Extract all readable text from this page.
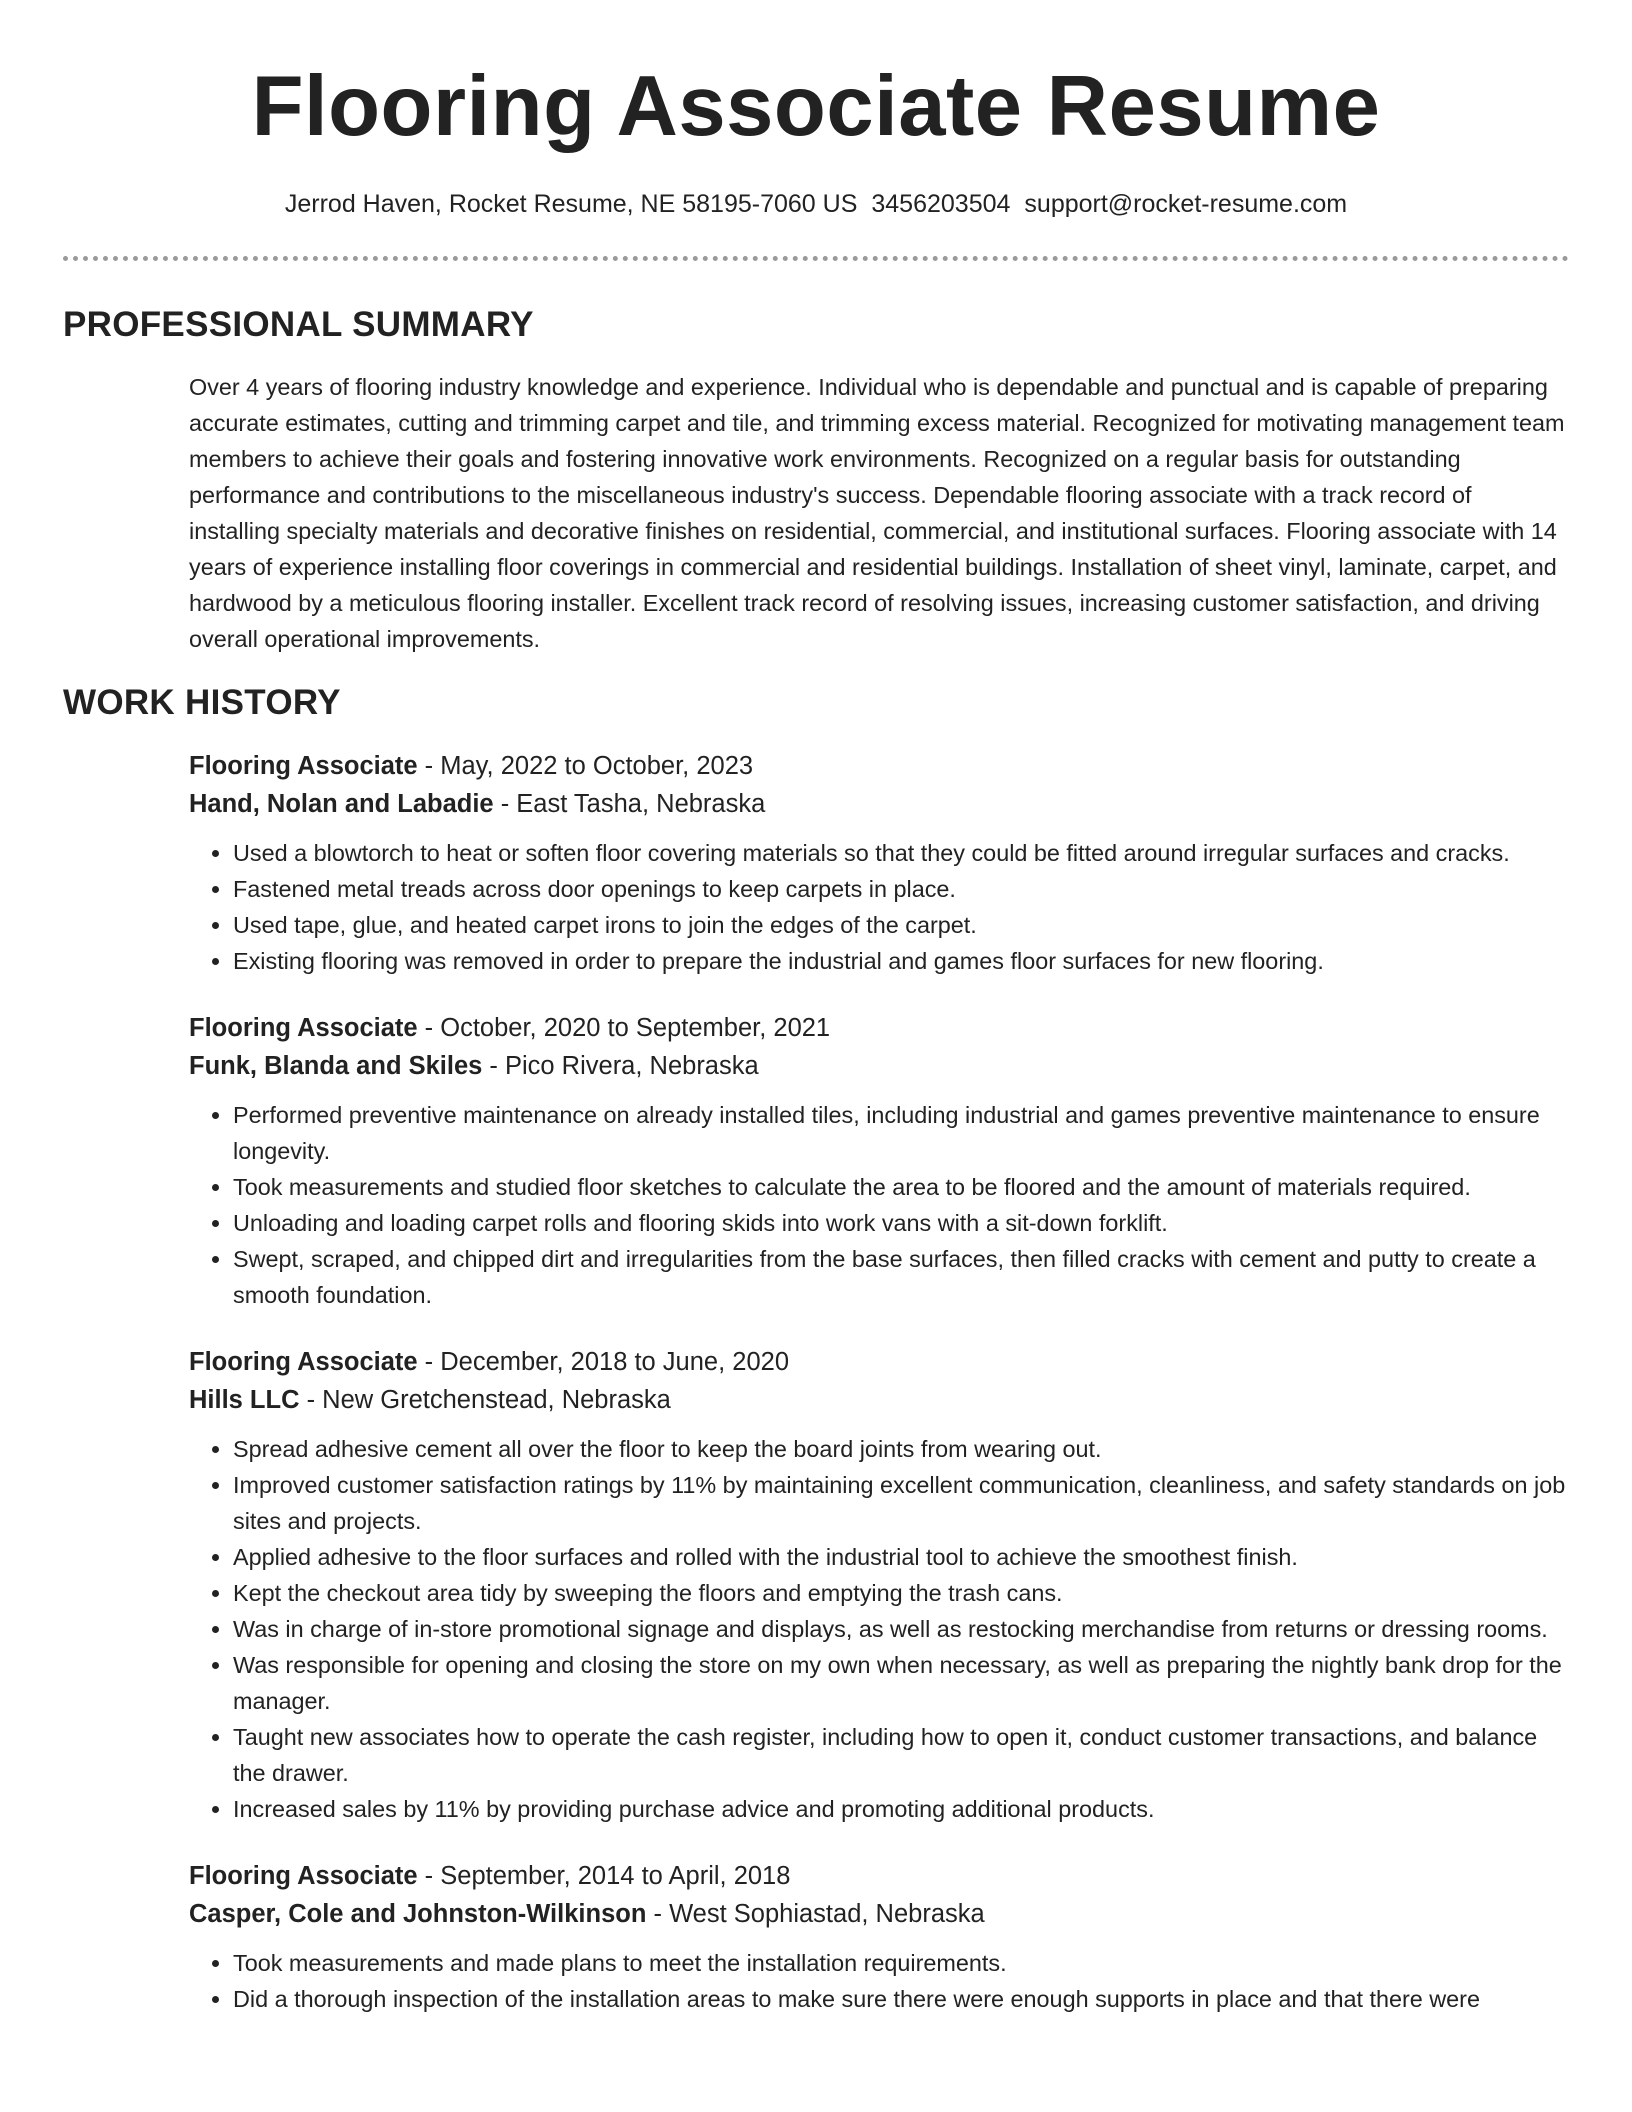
Flooring Associate Resume
Jerrod Haven, Rocket Resume, NE 58195-7060 US 3456203504 support@rocket-resume.com
PROFESSIONAL SUMMARY
Over 4 years of flooring industry knowledge and experience. Individual who is dependable and punctual and is capable of preparing accurate estimates, cutting and trimming carpet and tile, and trimming excess material. Recognized for motivating management team members to achieve their goals and fostering innovative work environments. Recognized on a regular basis for outstanding performance and contributions to the miscellaneous industry's success. Dependable flooring associate with a track record of installing specialty materials and decorative finishes on residential, commercial, and institutional surfaces. Flooring associate with 14 years of experience installing floor coverings in commercial and residential buildings. Installation of sheet vinyl, laminate, carpet, and hardwood by a meticulous flooring installer. Excellent track record of resolving issues, increasing customer satisfaction, and driving overall operational improvements.
WORK HISTORY
Flooring Associate - May, 2022 to October, 2023
Hand, Nolan and Labadie - East Tasha, Nebraska
• Used a blowtorch to heat or soften floor covering materials so that they could be fitted around irregular surfaces and cracks.
• Fastened metal treads across door openings to keep carpets in place.
• Used tape, glue, and heated carpet irons to join the edges of the carpet.
• Existing flooring was removed in order to prepare the industrial and games floor surfaces for new flooring.
Flooring Associate - October, 2020 to September, 2021
Funk, Blanda and Skiles - Pico Rivera, Nebraska
• Performed preventive maintenance on already installed tiles, including industrial and games preventive maintenance to ensure longevity.
• Took measurements and studied floor sketches to calculate the area to be floored and the amount of materials required.
• Unloading and loading carpet rolls and flooring skids into work vans with a sit-down forklift.
• Swept, scraped, and chipped dirt and irregularities from the base surfaces, then filled cracks with cement and putty to create a smooth foundation.
Flooring Associate - December, 2018 to June, 2020
Hills LLC - New Gretchenstead, Nebraska
• Spread adhesive cement all over the floor to keep the board joints from wearing out.
• Improved customer satisfaction ratings by 11% by maintaining excellent communication, cleanliness, and safety standards on job sites and projects.
• Applied adhesive to the floor surfaces and rolled with the industrial tool to achieve the smoothest finish.
• Kept the checkout area tidy by sweeping the floors and emptying the trash cans.
• Was in charge of in-store promotional signage and displays, as well as restocking merchandise from returns or dressing rooms.
• Was responsible for opening and closing the store on my own when necessary, as well as preparing the nightly bank drop for the manager.
• Taught new associates how to operate the cash register, including how to open it, conduct customer transactions, and balance the drawer.
• Increased sales by 11% by providing purchase advice and promoting additional products.
Flooring Associate - September, 2014 to April, 2018
Casper, Cole and Johnston-Wilkinson - West Sophiastad, Nebraska
• Took measurements and made plans to meet the installation requirements.
• Did a thorough inspection of the installation areas to make sure there were enough supports in place and that there were
